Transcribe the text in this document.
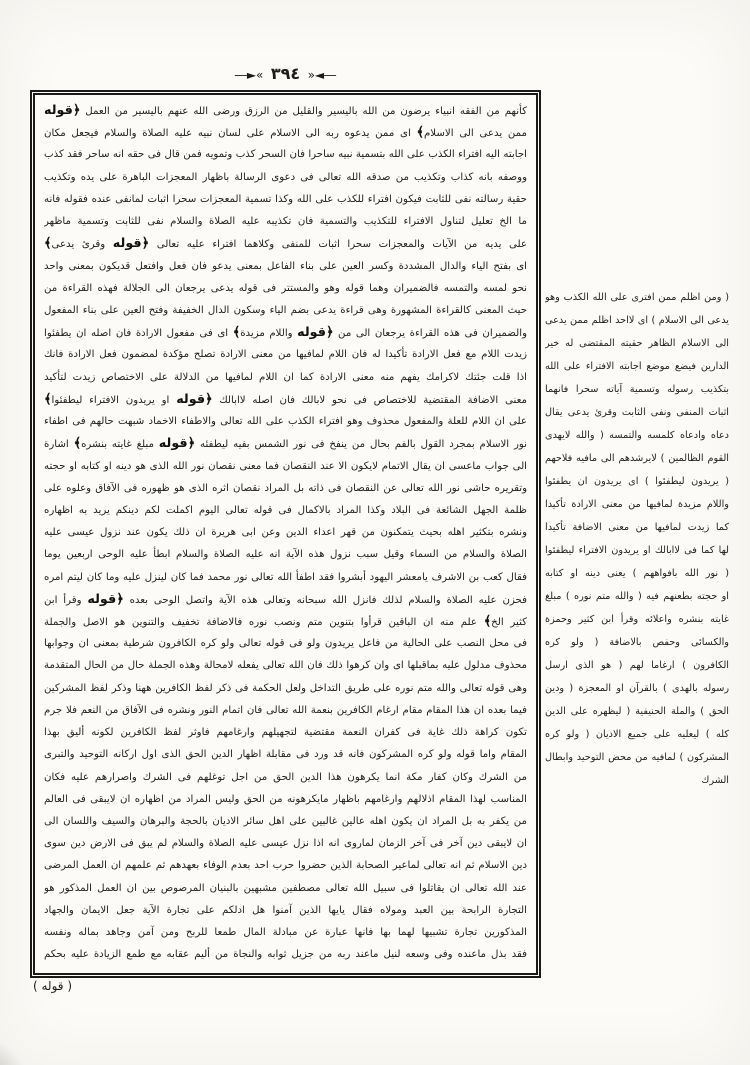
―◄« ٣٩٤ »►―
كأنهم من الفقه انبياء يرضون من الله باليسير والقليل من الرزق ورضى الله عنهم باليسير من العمل ﴿قوله
ممن يدعى الى الاسلام﴾ اى ممن يدعوه ربه الى الاسلام على لسان نبيه عليه الصلاة والسلام فيجعل مكان
اجابته اليه افتراء الكذب على الله بتسمية نبيه ساحرا فان السحر كذب وتمويه فمن قال فى حقه انه ساحر فقد كذب
ووصفه بانه كذاب وتكذيب من صدقه الله تعالى فى دعوى الرسالة باظهار المعجزات الباهرة على يده وتكذيب
حقية رسالته نفى للثابت فيكون افتراء للكذب على الله وكذا تسمية المعجزات سحرا اثبات لمانفى عنده فقوله فانه
ما الخ تعليل لتناول الافتراء للتكذيب والتسمية فان تكذيبه عليه الصلاة والسلام نفى للثابت وتسمية ماظهر
على يديه من الآيات والمعجزات سحرا اثبات للمنفى وكلاهما افتراء عليه تعالى ﴿قوله وقرئ يدعى﴾
اى بفتح الياء والدال المشددة وكسر العين على بناء الفاعل بمعنى يدعو فان فعل وافتعل قديكون بمعنى واحد
نحو لمسه والتمسه فالضميران وهما قوله وهو والمستتر فى قوله يدعى يرجعان الى الجلالة فهذه القراءة من
حيث المعنى كالقراءة المشهورة وهى قراءة يدعى بضم الياء وسكون الدال الخفيفة وفتح العين على بناء المفعول
والضميران فى هذه القراءة يرجعان الى من ﴿قوله واللام مزيدة﴾ اى فى مفعول الارادة فان اصله ان يطفئوا
زيدت اللام مع فعل الارادة تأكيدا له فان اللام لمافيها من معنى الارادة تصلح مؤكدة لمضمون فعل الارادة فانك
اذا قلت جئتك لاكرامك يفهم منه معنى الارادة كما ان اللام لمافيها من الدلالة على الاختصاص زيدت لتأكيد
معنى الاضافة المقتضية للاختصاص فى نحو لابالك فان اصله لاابالك ﴿قوله او يريدون الافتراء ليطفئوا﴾
على ان اللام للعلة والمفعول محذوف وهو افتراء الكذب على الله تعالى والاطفاء الاخماد شبهت حالهم فى اطفاء
نور الاسلام بمجرد القول بالفم بحال من ينفخ فى نور الشمس بفيه ليطفئه ﴿قوله مبلغ غايته بنشره﴾ اشارة
الى جواب ماعسى ان يقال الاتمام لايكون الا عند النقصان فما معنى نقصان نور الله الذى هو دينه او كتابه او حجته
وتقريره حاشى نور الله تعالى عن النقصان فى ذاته بل المراد نقصان اثره الذى هو ظهوره فى الآفاق وعلوه على
ظلمة الجهل الشائعة فى البلاد وكذا المراد بالاكمال فى قوله تعالى اليوم اكملت لكم دينكم يريد به اظهاره
ونشره بتكثير اهله بحيث يتمكنون من قهر اعداء الدين وعن ابى هريرة ان ذلك يكون عند نزول عيسى عليه
الصلاة والسلام من السماء وقيل سبب نزول هذه الآية انه عليه الصلاة والسلام ابطأ عليه الوحى اربعين يوما
فقال كعب بن الاشرف يامعشر اليهود أبشروا فقد اطفأ الله تعالى نور محمد فما كان لينزل عليه وما كان ليتم امره
فحزن عليه الصلاة والسلام لذلك فانزل الله سبحانه وتعالى هذه الآية واتصل الوحى بعده ﴿قوله وقرأ ابن
كثير الخ﴾ علم منه ان الباقين قرأوا بتنوين متم ونصب نوره فالاضافة تخفيف والتنوين هو الاصل والجملة
فى محل النصب على الحالية من فاعل يريدون ولو فى قوله تعالى ولو كره الكافرون شرطية بمعنى ان وجوابها
محذوف مدلول عليه بماقبلها اى وان كرهوا ذلك فان الله تعالى يفعله لامحالة وهذه الجملة حال من الحال المتقدمة
وهى قوله تعالى والله متم نوره على طريق التداخل ولعل الحكمة فى ذكر لفظ الكافرين ههنا وذكر لفظ المشركين
فيما بعده ان هذا المقام مقام ارغام الكافرين بنعمة الله تعالى فان اتمام النور ونشره فى الآفاق من النعم فلا جرم
تكون كراهة ذلك غاية فى كفران النعمة مقتضية لتجهيلهم وارغامهم فاوثر لفظ الكافرين لكونه أليق بهذا
المقام واما قوله ولو كره المشركون فانه قد ورد فى مقابلة اظهار الدين الحق الذى اول اركانه التوحيد والتبرى
من الشرك وكان كفار مكة انما يكرهون هذا الدين الحق من اجل توغلهم فى الشرك واصرارهم عليه فكان
المناسب لهذا المقام اذلالهم وارغامهم باظهار مايكرهونه من الحق وليس المراد من اظهاره ان لايبقى فى العالم
من يكفر به بل المراد ان يكون اهله عالين غالبين على اهل سائر الاديان بالحجة والبرهان والسيف واللسان الى
ان لايبقى دين آخر فى آخر الزمان لماروى انه اذا نزل عيسى عليه الصلاة والسلام لم يبق فى الارض دين سوى
دين الاسلام ثم انه تعالى لماعير الصحابة الذين حضروا حرب احد بعدم الوفاء بعهدهم ثم علمهم ان العمل المرضى
عند الله تعالى ان يقاتلوا فى سبيل الله تعالى مصطفين مشبهين بالبنيان المرصوص بين ان العمل المذكور هو
التجارة الرابحة بين العبد ومولاه فقال يايها الذين آمنوا هل ادلكم على تجارة الآية جعل الايمان والجهاد
المذكورين تجارة تشبيها لهما بها فانها عبارة عن مبادلة المال طمعا للربح ومن آمن وجاهد بماله ونفسه
فقد بذل ماعنده وفى وسعه لنيل ماعند ربه من جزيل ثوابه والنجاة من أليم عقابه مع طمع الزيادة عليه بحكم
( ومن اظلم ممن افترى على الله الكذب وهو
يدعى الى الاسلام ) اى لااحد اظلم ممن يدعى
الى الاسلام الظاهر حقيته المقتضى له خير
الدارين فيضع موضع اجابته الافتراء على الله
بتكذيب رسوله وتسمية آياته سحرا فانهما
اثبات المنفى ونفى الثابت وقرئ يدعى يقال
دعاه وادعاه كلمسه والتمسه ( والله لايهدى
القوم الظالمين ) لايرشدهم الى مافيه فلاحهم
( يريدون ليطفئوا ) اى يريدون ان يطفئوا
واللام مزيدة لمافيها من معنى الارادة تأكيدا
كما زيدت لمافيها من معنى الاضافة تأكيدا
لها كما فى لاابالك او يريدون الافتراء ليطفئوا
( نور الله بافواههم ) يعنى دينه او كتابه
او حجته بطعنهم فيه ( والله متم نوره ) مبلغ
غايته بنشره واعلائه وقرأ ابن كثير وحمزة
والكسائى وحفص بالاضافة ( ولو كره
الكافرون ) ارغاما لهم ( هو الذى ارسل
رسوله بالهدى ) بالقرآن او المعجزة ( ودين
الحق ) والملة الحنيفية ( ليظهره على الدين
كله ) ليعليه على جميع الاديان ( ولو كره
المشركون ) لمافيه من محض التوحيد وابطال
الشرك
( قوله )
